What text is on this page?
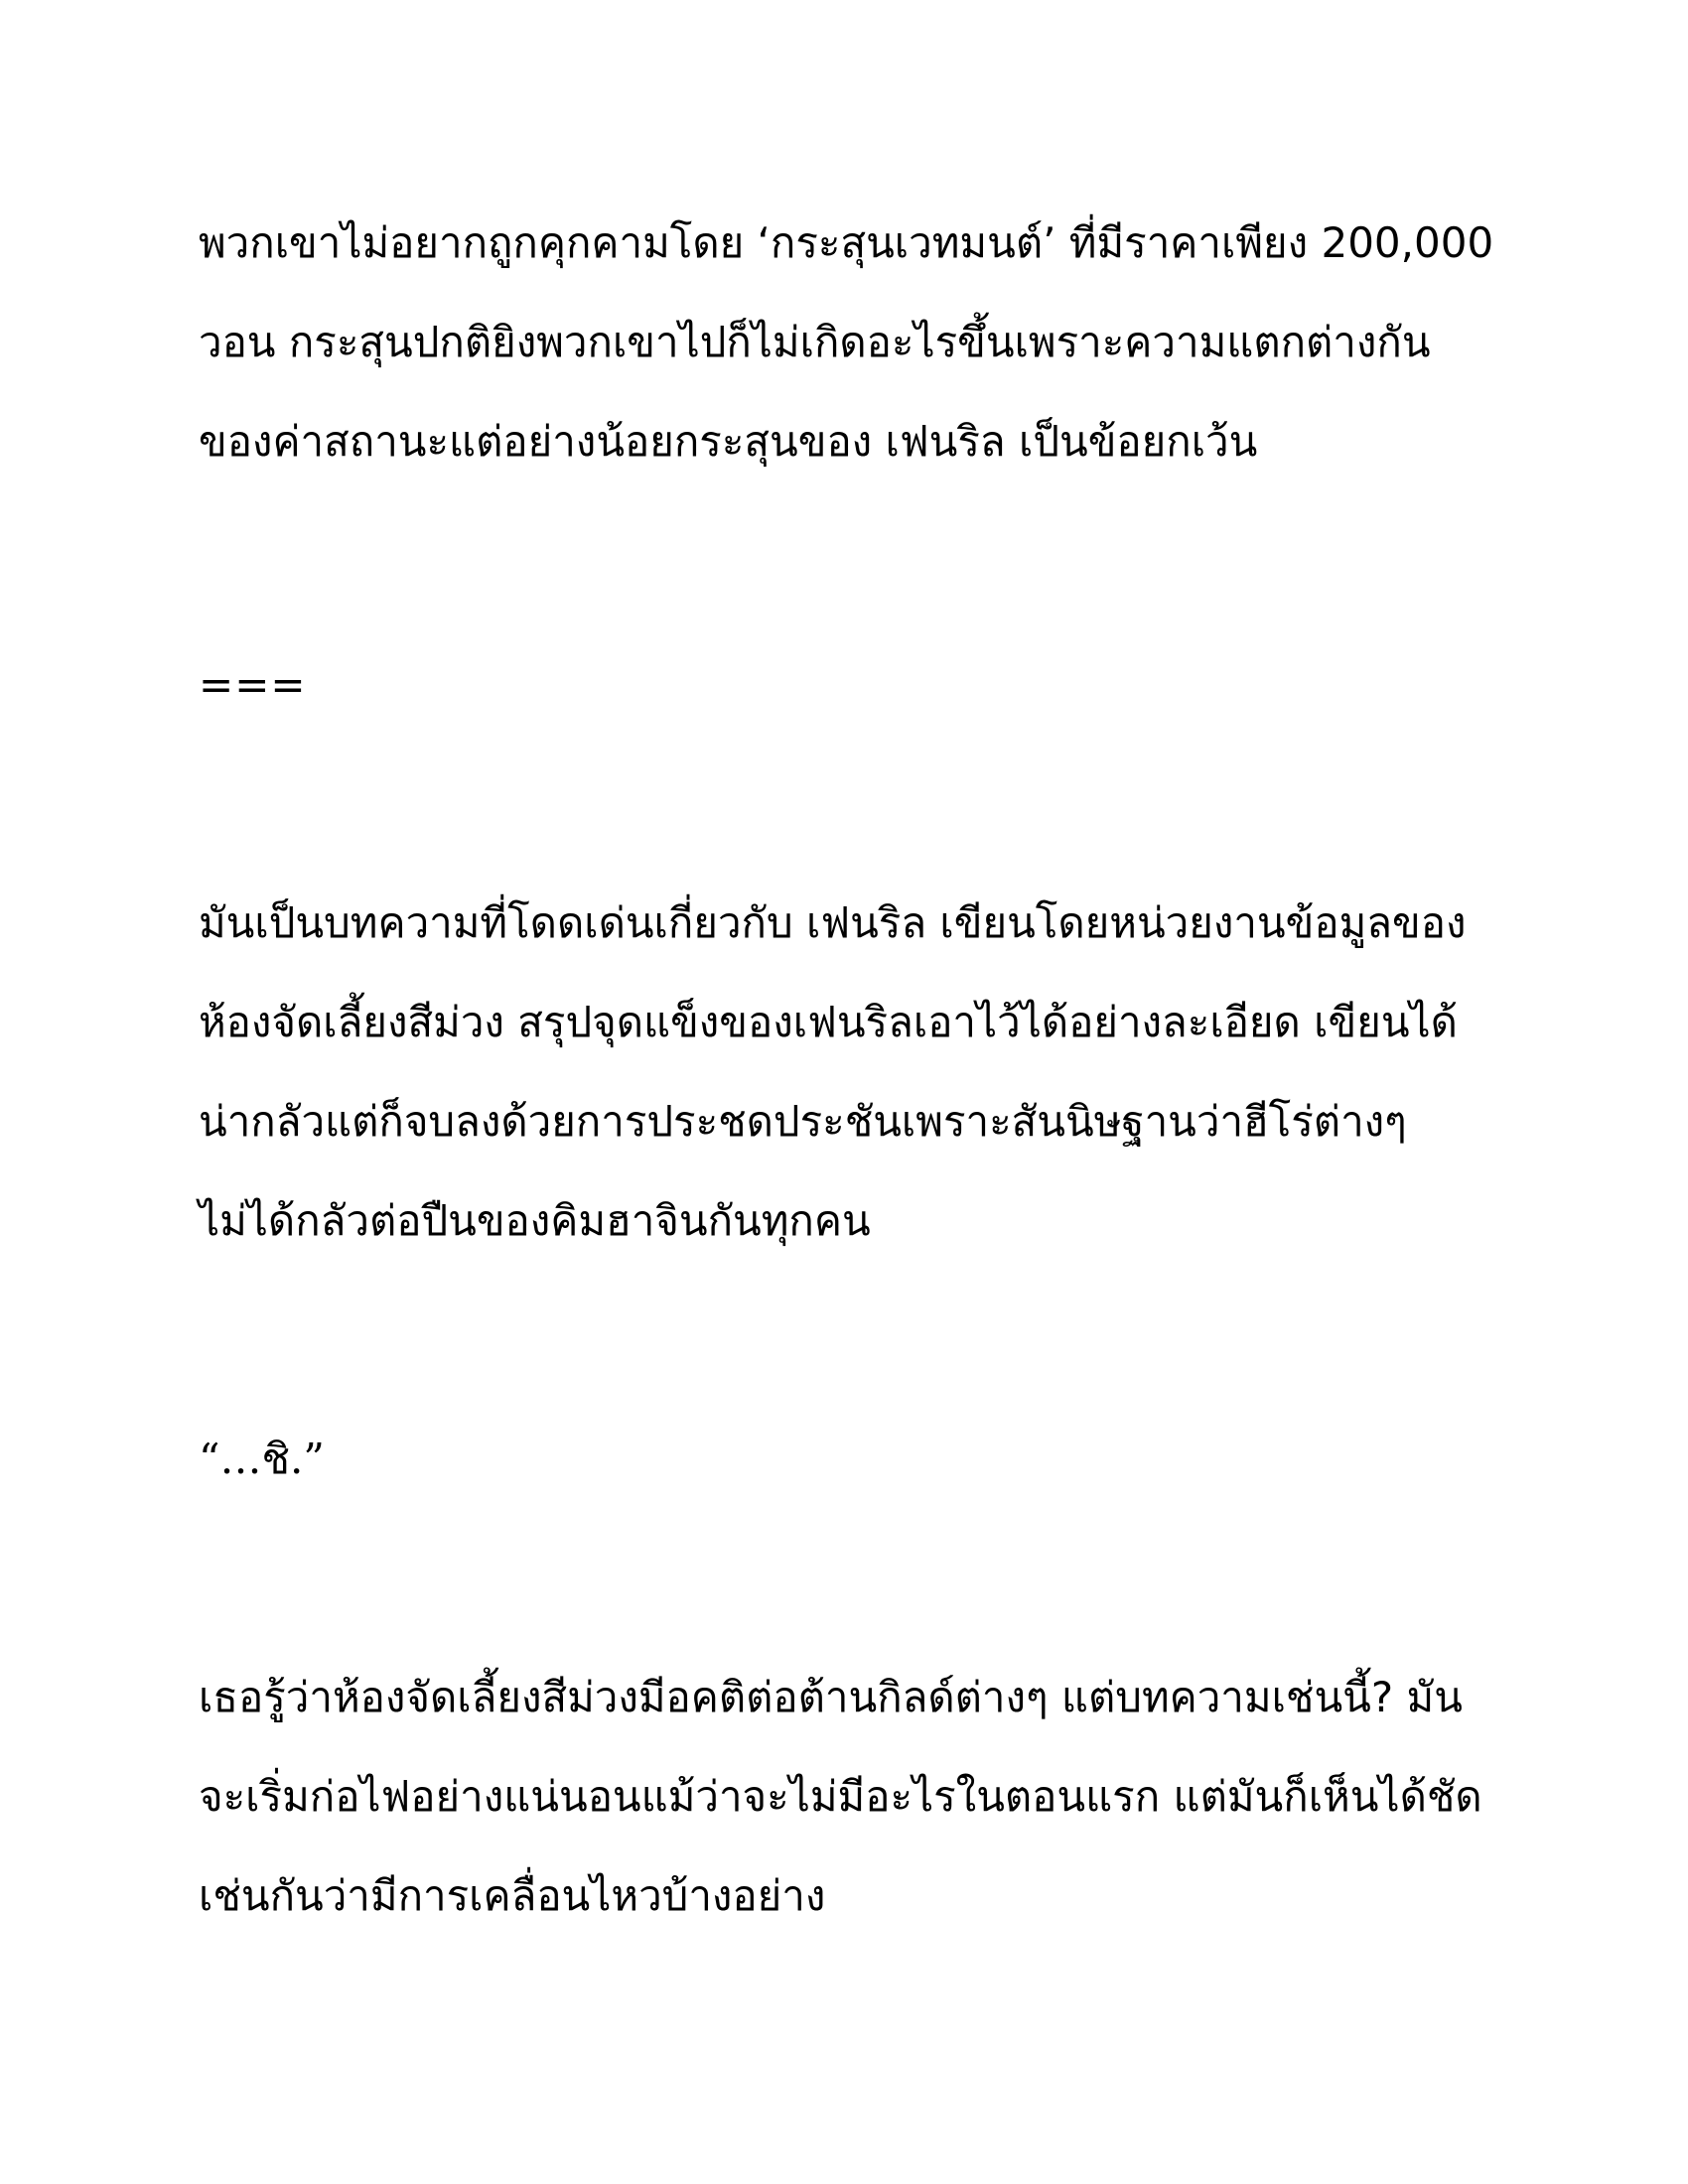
พวกเขาไม่อยากถูกคุกคามโดย ‘กระสุนเวทมนต์’ ที่มีราคาเพียง 200,000

วอน กระสุนปกติยิงพวกเขาไปก็ไม่เกิดอะไรขึ้นเพราะความแตกต่างกัน

ของค่าสถานะแต่อย่างน้อยกระสุนของ เฟนริล เป็นข้อยกเว้น

===

มันเป็นบทความที่โดดเด่นเกี่ยวกับ เฟนริล เขียนโดยหน่วยงานข้อมูลของ

ห้องจัดเลี้ยงสีม่วง สรุปจุดแข็งของเฟนริลเอาไว้ได้อย่างละเอียด เขียนได้

น่ากลัวแต่ก็จบลงด้วยการประชดประชันเพราะสันนิษฐานว่าฮีโร่ต่างๆ

ไม่ได้กลัวต่อปืนของคิมฮาจินกันทุกคน

“…ชิ.”

เธอรู้ว่าห้องจัดเลี้ยงสีม่วงมีอคติต่อต้านกิลด์ต่างๆ แต่บทความเช่นนี้? มัน

จะเริ่มก่อไฟอย่างแน่นอนแม้ว่าจะไม่มีอะไรในตอนแรก แต่มันก็เห็นได้ชัด

เช่นกันว่ามีการเคลื่อนไหวบ้างอย่าง
